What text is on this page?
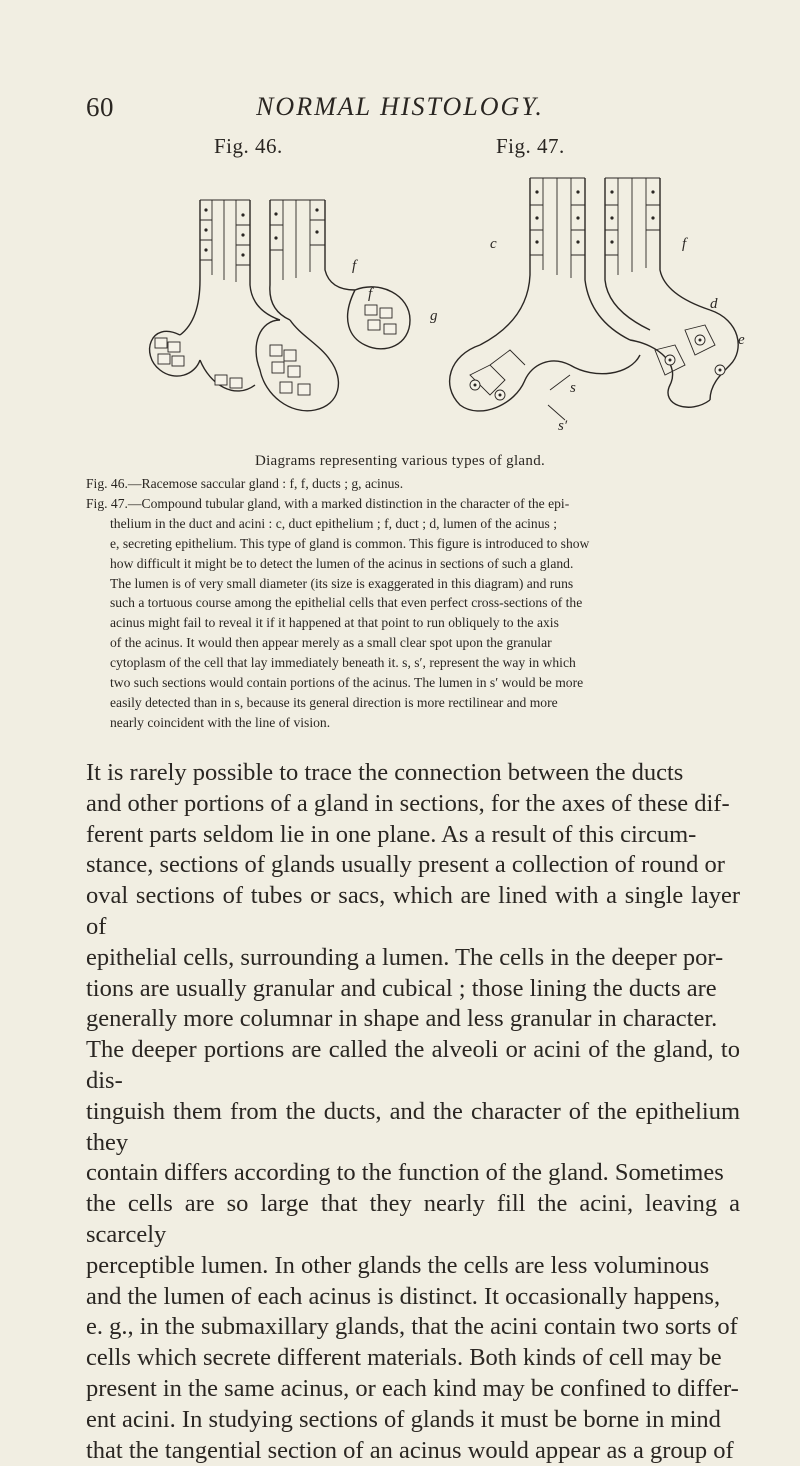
60	NORMAL HISTOLOGY.
Fig. 46.	Fig. 47.
f
f
g
c	f
d
e
s
s′
Diagrams representing various types of gland.

Fig. 46.—Racemose saccular gland : f, f, ducts ; g, acinus.

Fig. 47.—Compound tubular gland, with a marked distinction in the character of the epi-

thelium in the duct and acini : c, duct epithelium ; f, duct ; d, lumen of the acinus ;

e, secreting epithelium. This type of gland is common. This figure is introduced to show

how difficult it might be to detect the lumen of the acinus in sections of such a gland.

The lumen is of very small diameter (its size is exaggerated in this diagram) and runs

such a tortuous course among the epithelial cells that even perfect cross-sections of the

acinus might fail to reveal it if it happened at that point to run obliquely to the axis

of the acinus. It would then appear merely as a small clear spot upon the granular

cytoplasm of the cell that lay immediately beneath it. s, s′, represent the way in which

two such sections would contain portions of the acinus. The lumen in s′ would be more

easily detected than in s, because its general direction is more rectilinear and more

nearly coincident with the line of vision.

It is rarely possible to trace the connection between the ducts

and other portions of a gland in sections, for the axes of these dif-

ferent parts seldom lie in one plane. As a result of this circum-

stance, sections of glands usually present a collection of round or

oval sections of tubes or sacs, which are lined with a single layer of

epithelial cells, surrounding a lumen. The cells in the deeper por-

tions are usually granular and cubical ; those lining the ducts are

generally more columnar in shape and less granular in character.

The deeper portions are called the alveoli or acini of the gland, to dis-

tinguish them from the ducts, and the character of the epithelium they

contain differs according to the function of the gland. Sometimes

the cells are so large that they nearly fill the acini, leaving a scarcely

perceptible lumen. In other glands the cells are less voluminous

and the lumen of each acinus is distinct. It occasionally happens,

e. g., in the submaxillary glands, that the acini contain two sorts of

cells which secrete different materials. Both kinds of cell may be

present in the same acinus, or each kind may be confined to differ-

ent acini. In studying sections of glands it must be borne in mind

that the tangential section of an acinus would appear as a group of
